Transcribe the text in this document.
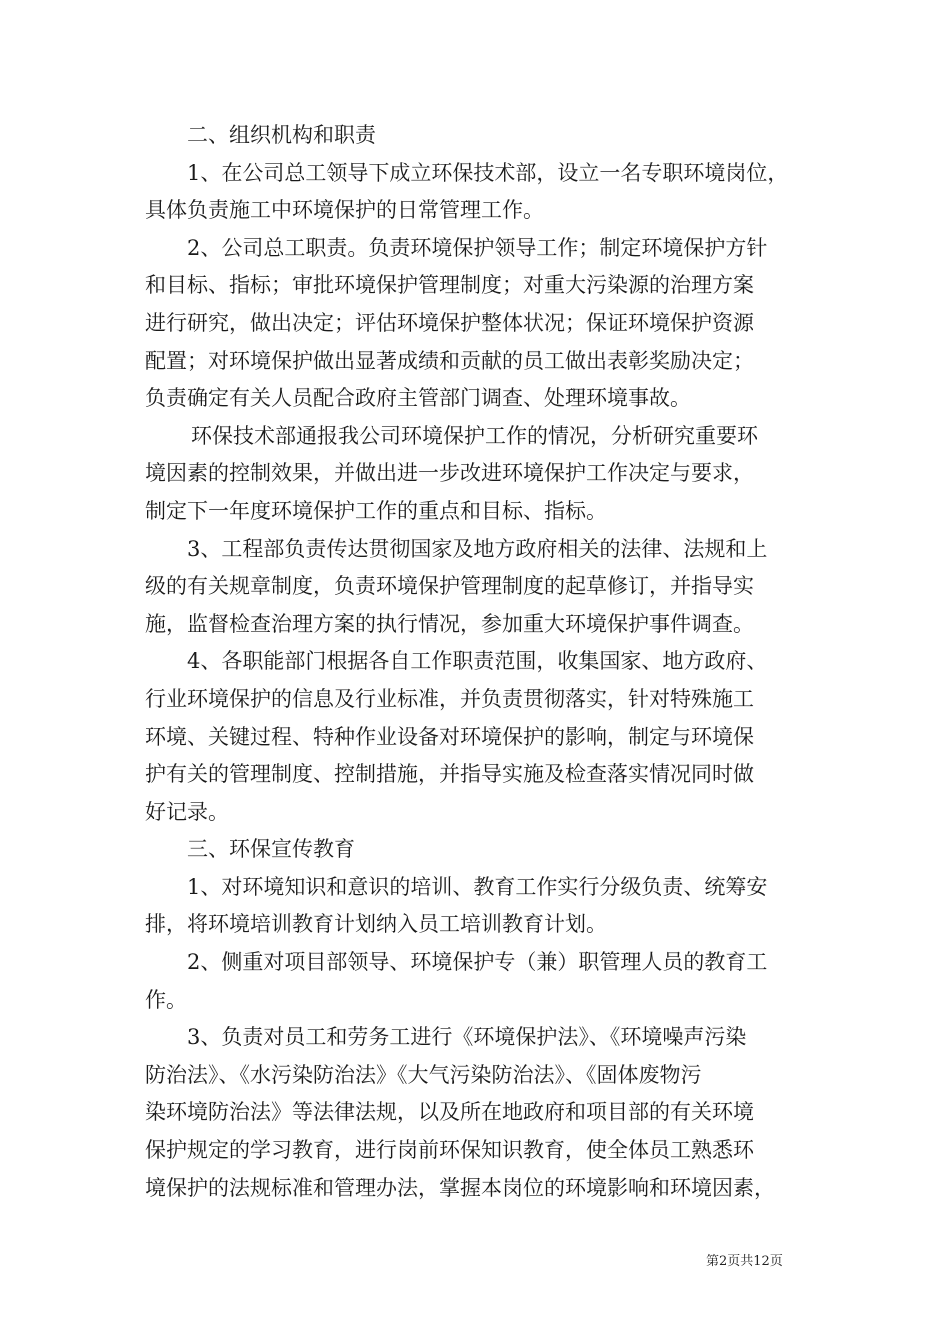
二、组织机构和职责
1、在公司总工领导下成立环保技术部，设立一名专职环境岗位，
具体负责施工中环境保护的日常管理工作。
2、公司总工职责。负责环境保护领导工作；制定环境保护方针
和目标、指标；审批环境保护管理制度；对重大污染源的治理方案
进行研究，做出决定；评估环境保护整体状况；保证环境保护资源
配置；对环境保护做出显著成绩和贡献的员工做出表彰奖励决定；
负责确定有关人员配合政府主管部门调查、处理环境事故。
环保技术部通报我公司环境保护工作的情况，分析研究重要环
境因素的控制效果，并做出进一步改进环境保护工作决定与要求，
制定下一年度环境保护工作的重点和目标、指标。
3、工程部负责传达贯彻国家及地方政府相关的法律、法规和上
级的有关规章制度，负责环境保护管理制度的起草修订，并指导实
施，监督检查治理方案的执行情况，参加重大环境保护事件调查。
4、各职能部门根据各自工作职责范围，收集国家、地方政府、
行业环境保护的信息及行业标准，并负责贯彻落实，针对特殊施工
环境、关键过程、特种作业设备对环境保护的影响，制定与环境保
护有关的管理制度、控制措施，并指导实施及检查落实情况同时做
好记录。
三、环保宣传教育
1、对环境知识和意识的培训、教育工作实行分级负责、统筹安
排，将环境培训教育计划纳入员工培训教育计划。
2、侧重对项目部领导、环境保护专（兼）职管理人员的教育工
作。
3、负责对员工和劳务工进行《环境保护法》、《环境噪声污染
防治法》、《水污染防治法》《大气污染防治法》、《固体废物污
染环境防治法》等法律法规，以及所在地政府和项目部的有关环境
保护规定的学习教育，进行岗前环保知识教育，使全体员工熟悉环
境保护的法规标准和管理办法，掌握本岗位的环境影响和环境因素，
第2页共12页
